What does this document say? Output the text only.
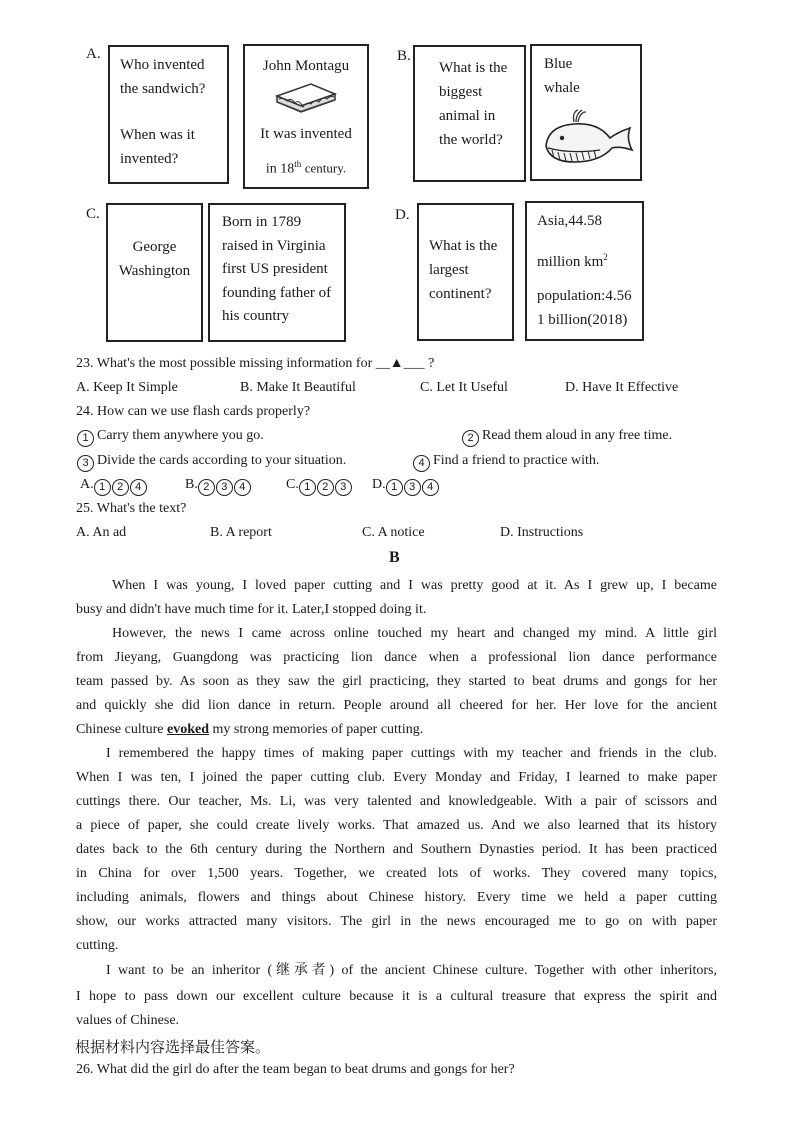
A.
Who invented
the sandwich?
When was it
invented?
John Montagu
It was invented
in 18th century.
B.
What is the
biggest
animal in
the world?
Blue
whale
C.
George
Washington
Born in 1789
raised in Virginia
first US president
founding father of
his country
D.
What is the
largest
continent?
Asia,44.58
million $km^2$
population:4.56
1 billion(2018)
23. What's the most possible missing information for __▲___ ?
A. Keep It Simple	B. Make It Beautiful	C. Let It Useful	D. Have It Effective
24. How can we use flash cards properly?
1 Carry them anywhere you go.	2 Read them aloud in any free time.
3 Divide the cards according to your situation.	4 Find a friend to practice with.
A. 1 2 4	B. 2 3 4	C. 1 2 3	D. 1 3 4
25. What's the text?
A. An ad	B. A report	C. A notice	D. Instructions
B
When I was young, I loved paper cutting and I was pretty good at it. As I grew up, I became
busy and didn't have much time for it. Later,I stopped doing it.
However, the news I came across online touched my heart and changed my mind. A little girl
from Jieyang, Guangdong was practicing lion dance when a professional lion dance performance
team passed by. As soon as they saw the girl practicing, they started to beat drums and gongs for her
and quickly she did lion dance in return. People around all cheered for her. Her love for the ancient
Chinese culture evoked my strong memories of paper cutting.
I remembered the happy times of making paper cuttings with my teacher and friends in the club.
When I was ten, I joined the paper cutting club. Every Monday and Friday, I learned to make paper
cuttings there. Our teacher, Ms. Li, was very talented and knowledgeable. With a pair of scissors and
a piece of paper, she could create lively works. That amazed us. And we also learned that its history
dates back to the 6th century during the Northern and Southern Dynasties period. It has been practiced
in China for over 1,500 years. Together, we created lots of works. They covered many topics,
including animals, flowers and things about Chinese history. Every time we held a paper cutting
show, our works attracted many visitors. The girl in the news encouraged me to go on with paper
cutting.
I want to be an inheritor (继承者) of the ancient Chinese culture. Together with other inheritors,
I hope to pass down our excellent culture because it is a cultural treasure that express the spirit and
values of Chinese.
根据材料内容选择最佳答案。
26. What did the girl do after the team began to beat drums and gongs for her?
